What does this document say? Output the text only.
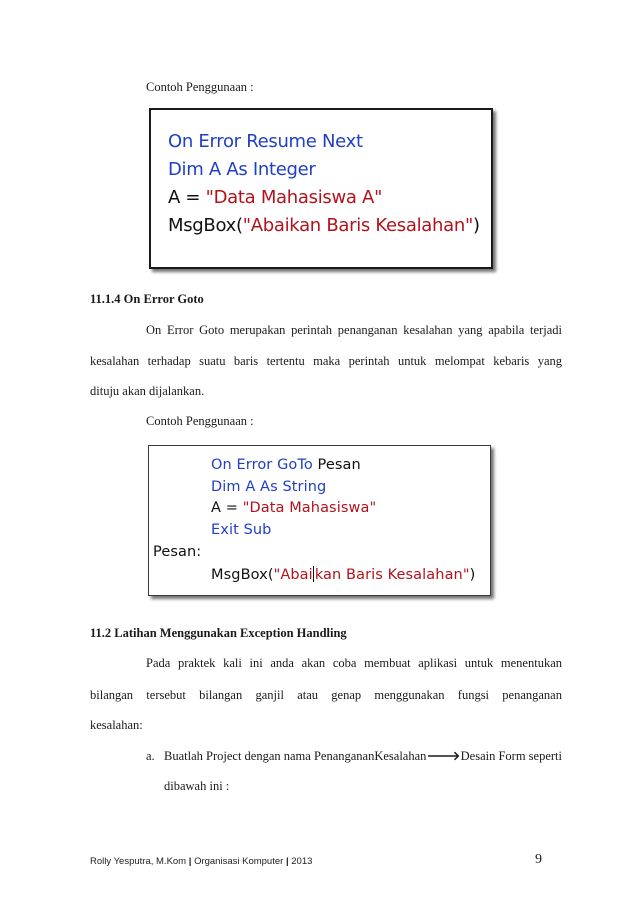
Contoh Penggunaan :
On Error Resume Next
Dim A As Integer
A = "Data Mahasiswa A"
MsgBox("Abaikan Baris Kesalahan")
11.1.4 On Error Goto
On Error Goto merupakan perintah penanganan kesalahan yang apabila terjadi
kesalahan terhadap suatu baris tertentu maka perintah untuk melompat kebaris yang
dituju akan dijalankan.
Contoh Penggunaan :
On Error GoTo Pesan
Dim A As String
A = "Data Mahasiswa"
Exit Sub
Pesan:
MsgBox("Abai kan Baris Kesalahan")
11.2 Latihan Menggunakan Exception Handling
Pada praktek kali ini anda akan coba membuat aplikasi untuk menentukan
bilangan tersebut bilangan ganjil atau genap menggunakan fungsi penanganan
kesalahan:
a. Buatlah Project dengan nama PenangananKesalahan 🡒 Desain Form seperti
dibawah ini :
Rolly Yesputra, M.Kom | Organisasi Komputer | 2013	9
